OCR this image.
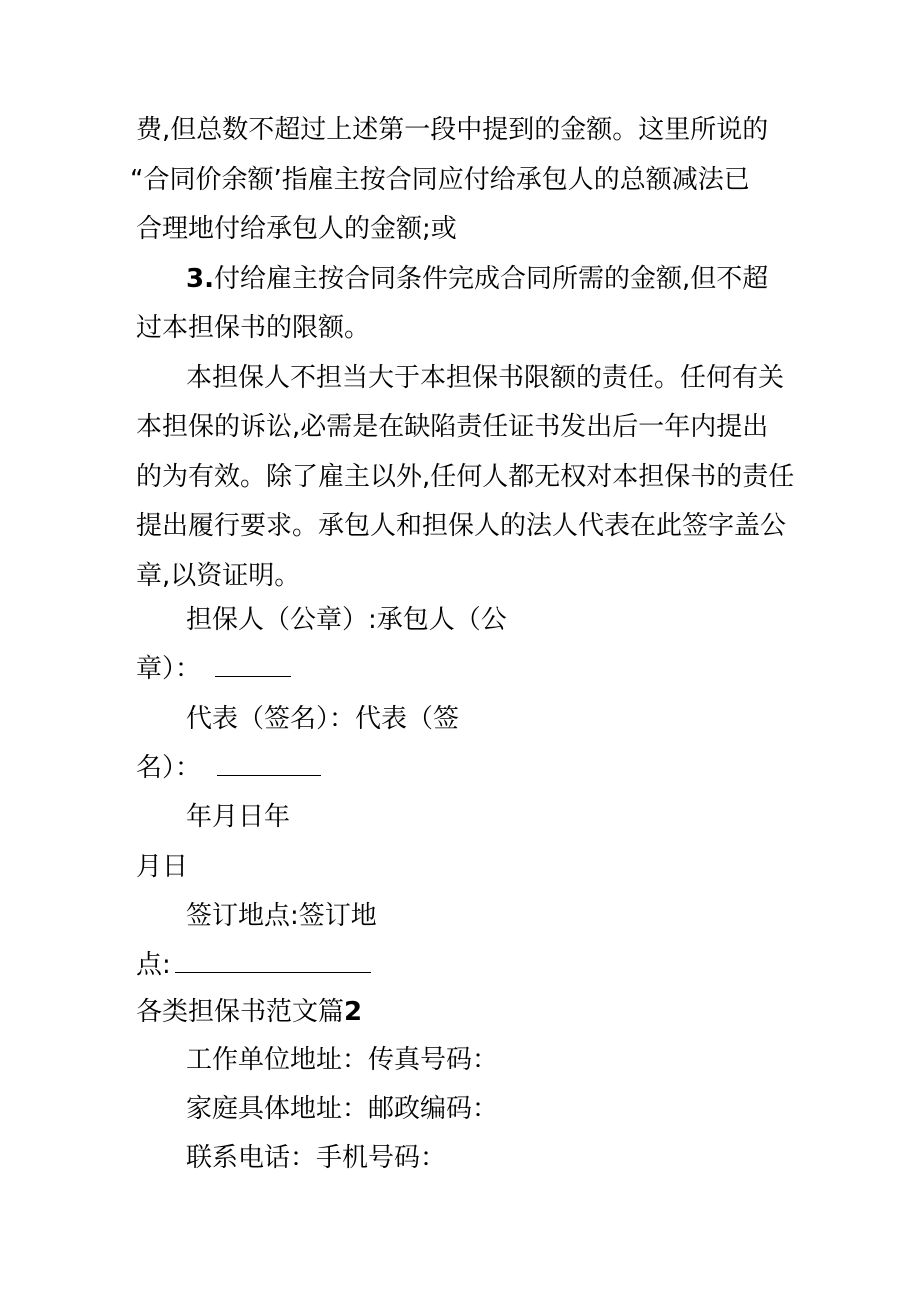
费,但总数不超过上述第一段中提到的金额。这里所说的
“合同价余额’指雇主按合同应付给承包人的总额减法已
合理地付给承包人的金额;或
3.付给雇主按合同条件完成合同所需的金额,但不超
过本担保书的限额。
本担保人不担当大于本担保书限额的责任。任何有关
本担保的诉讼,必需是在缺陷责任证书发出后一年内提出
的为有效。除了雇主以外,任何人都无权对本担保书的责任
提出履行要求。承包人和担保人的法人代表在此签字盖公
章,以资证明。
担保人（公章）:承包人（公
章）：
代表（签名）：代表（签
名）：
年月日年
月日
签订地点:签订地
点:
各类担保书范文篇2
工作单位地址：传真号码：
家庭具体地址：邮政编码：
联系电话：手机号码：
